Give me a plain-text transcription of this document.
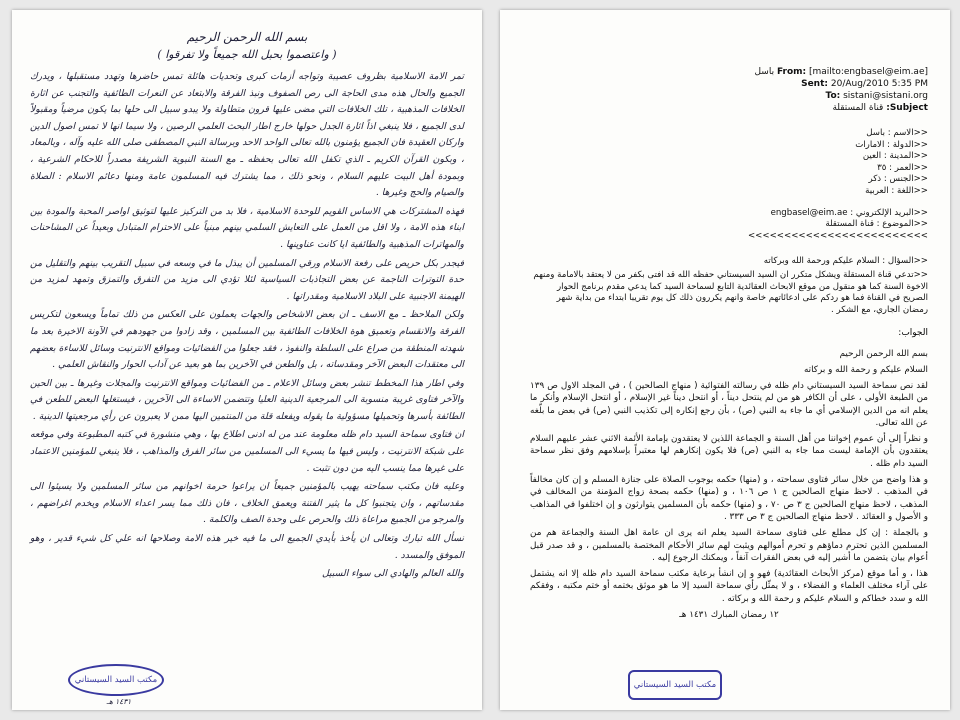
بسم الله الرحمن الرحيم
( واعتصموا بحبل الله جميعاً ولا تفرقوا )

تمر الامة الاسلامية بظروف عصيبة وتواجه أزمات كبرى وتحديات هائلة تمس حاضرها وتهدد مستقبلها ، ويدرك الجميع والحال هذه مدى الحاجة الى رص الصفوف ونبذ الفرقة والابتعاد عن النعرات الطائفية والتجنب عن اثارة الخلافات المذهبية ، تلك الخلافات التي مضى عليها قرون متطاولة ولا يبدو سبيل الى حلها بما يكون مرضياً ومقبولاً لدى الجميع ، فلا ينبغي اذاً اثارة الجدل حولها خارج اطار البحث العلمي الرصين ، ولا سيما انها لا تمس اصول الدين واركان العقيدة فان الجميع يؤمنون بالله تعالى الواحد الاحد وبرسالة النبي المصطفى صلى الله عليه وآله ، وبالمعاد ، وبكون القرآن الكريم ـ الذي تكفل الله تعالى بحفظه ـ مع السنة النبوية الشريفة مصدراً للاحكام الشرعية ، وبمودة أهل البيت عليهم السلام ، ونحو ذلك ، مما يشترك فيه المسلمون عامة ومنها دعائم الاسلام : الصلاة والصيام والحج وغيرها .

فهذه المشتركات هي الاساس القويم للوحدة الاسلامية ، فلا بد من التركيز عليها لتوثيق اواصر المحبة والمودة بين ابناء هذه الامة ، ولا اقل من العمل على التعايش السلمي بينهم مبنياً على الاحترام المتبادل وبعيداً عن المشاحنات والمهاترات المذهبية والطائفية ايا كانت عناوينها .

فيجدر بكل حريص على رفعة الاسلام ورقي المسلمين أن يبذل ما في وسعه في سبيل التقريب بينهم والتقليل من حدة التوترات الناجمة عن بعض التجاذبات السياسية لئلا تؤدي الى مزيد من التفرق والتمزق وتمهد لمزيد من الهيمنة الاجنبية على البلاد الاسلامية ومقدراتها .

ولكن الملاحظ ـ مع الاسف ـ ان بعض الاشخاص والجهات يعملون على العكس من ذلك تماماً ويسعون لتكريس الفرقة والانقسام وتعميق هوة الخلافات الطائفية بين المسلمين ، وقد زادوا من جهودهم في الآونة الاخيرة بعد ما شهدته المنطقة من صراع على السلطة والنفوذ ، فقد جعلوا من الفضائيات ومواقع الانترنيت وسائل للاساءة بعضهم الى معتقدات البعض الآخر ومقدساته ، بل والطعن في الآخرين بما هو بعيد عن آداب الحوار والنقاش العلمي .

وفي اطار هذا المخطط تنشر بعض وسائل الاعلام ـ من الفضائيات ومواقع الانترنيت والمجلات وغيرها ـ بين الحين والآخر فتاوى غريبة منسوبة الى المرجعية الدينية العليا وتتضمن الاساءة الى الآخرين ، فيستغلها البعض للطعن في الطائفة بأسرها وتحميلها مسؤولية ما يقوله ويفعله قلة من المنتمين اليها ممن لا يعبرون عن رأي مرجعيتها الدينية .

ان فتاوى سماحة السيد دام ظله معلومة عند من له ادنى اطلاع بها ، وهي منشورة في كتبه المطبوعة وفي موقعه على شبكة الانترنيت ، وليس فيها ما يسيء الى المسلمين من سائر الفرق والمذاهب ، فلا ينبغي للمؤمنين الاعتماد على غيرها مما ينسب اليه من دون تثبت .

وعليه فان مكتب سماحته يهيب بالمؤمنين جميعاً ان يراعوا حرمة اخوانهم من سائر المسلمين ولا يسيئوا الى مقدساتهم ، وان يتجنبوا كل ما يثير الفتنة ويعمق الخلاف ، فان ذلك مما يسر اعداء الاسلام ويخدم اغراضهم ، والمرجو من الجميع مراعاة ذلك والحرص على وحدة الصف والكلمة .

نسأل الله تبارك وتعالى ان يأخذ بأيدي الجميع الى ما فيه خير هذه الامة وصلاحها انه علي كل شيء قدير ، وهو الموفق والمسدد .

والله العالم والهادي الى سواء السبيل
مكتب السيد السيستاني
١٤٣١ هـ
From: [mailto:engbasel@eim.ae] باسل
Sent: 20/Aug/2010 5:35 PM
To: sistani@sistani.org
Subject: قناة المستقلة
<<الاسم : باسل
<<الدولة : الامارات
<<المدينة : العين
<<العمر : ٣٥
<<الجنس : ذكر
<<اللغة : العربية
<<البريد الإلكتروني : engbasel@eim.ae
<<الموضوع : قناة المستقلة
>>>>>>>>>>>>>>>>>>>>>>>>>

<<السؤال : السلام عليكم ورحمة الله وبركاته

<<تدعي قناة المستقلة ويشكل متكرر ان السيد السيستاني حفظه الله قد افتى بكفر من لا يعتقد بالامامة ومنهم الاخوة السنة كما هو منقول من موقع الابحاث العقائدية التابع لسماحة السيد كما يدعي مقدم برنامج الحوار الصريح في القناة فما هو ردكم على ادعائاتهم خاصة وانهم يكررون ذلك كل يوم تقريبا ابتداء من بداية شهر رمضان الجاري، مع الشكر .

الجواب:

بسم الله الرحمن الرحيم

السلام عليكم و رحمة الله و بركاته

لقد نص سماحة السيد السيستاني دام ظله في رسالته الفتوائية ( منهاج الصالحين ) ، في المجلد الاول ص ١٣٩ من الطبعة الأولى ، على أن الكافر هو من لم ينتحل ديناً ، أو انتحل ديناً غير الإسلام ، أو انتحل الإسلام وأنكر ما يعلم انه من الدين الإسلامي أي ما جاء به النبي (ص) ، بأن رجع إنكاره إلى تكذيب النبي (ص) في بعض ما بلّغه عن الله تعالى.

و نظراً إلى أن عموم إخواننا من أهل السنة و الجماعة اللذين لا يعتقدون بإمامة الأئمة الاثني عشر عليهم السلام يعتقدون بأن الإمامة ليست مما جاء به النبي (ص) فلا يكون إنكارهم لها معتبراً بإسلامهم وفق نظر سماحة السيد دام ظله .

و هذا واضح من خلال سائر فتاوى سماحته ، و (منها) حكمه بوجوب الصلاة على جنازة المسلم و إن كان مخالفاً في المذهب . لاحظ منهاج الصالحين ج ١ ص ١٠٦ ، و (منها) حكمه بصحة زواج المؤمنة من المخالف في المذهب ، لاحظ منهاج الصالحين ج ٣ ص ٧٠ ، و (منها) حكمه بأن المسلمين يتوارثون و إن اختلفوا في المذاهب و الأصول و العقائد . لاحظ منهاج الصالحين ج ٣ ص ٣٣٣ .

و بالجملة : إن كل مطلع على فتاوى سماحة السيد يعلم انه يرى ان عامة اهل السنة والجماعة هم من المسلمين الذين تحترم دماؤهم و تحرم أموالهم ويثبت لهم سائر الأحكام المختصة بالمسلمين ، و قد صدر قبل أعوام بيان يتضمن ما أشير إليه في بعض الفقرات آنفاً ، ويمكنك الرجوع إليه .

هذا ، و أما موقع (مركز الأبحاث العقائدية) فهو و إن انشأ برعاية مكتب سماحة السيد دام ظله إلا انه يشتمل على آراء مختلف العلماء و الفضلاء ، و لا يمثّل رأي سماحة السيد إلا ما هو موثق بختمه أو ختم مكتبه ، وفقكم الله و سدد خطاكم و السلام عليكم و رحمة الله و بركاته .

١٢ رمضان المبارك ١٤٣١ هـ

مكتب السيد السيستاني
